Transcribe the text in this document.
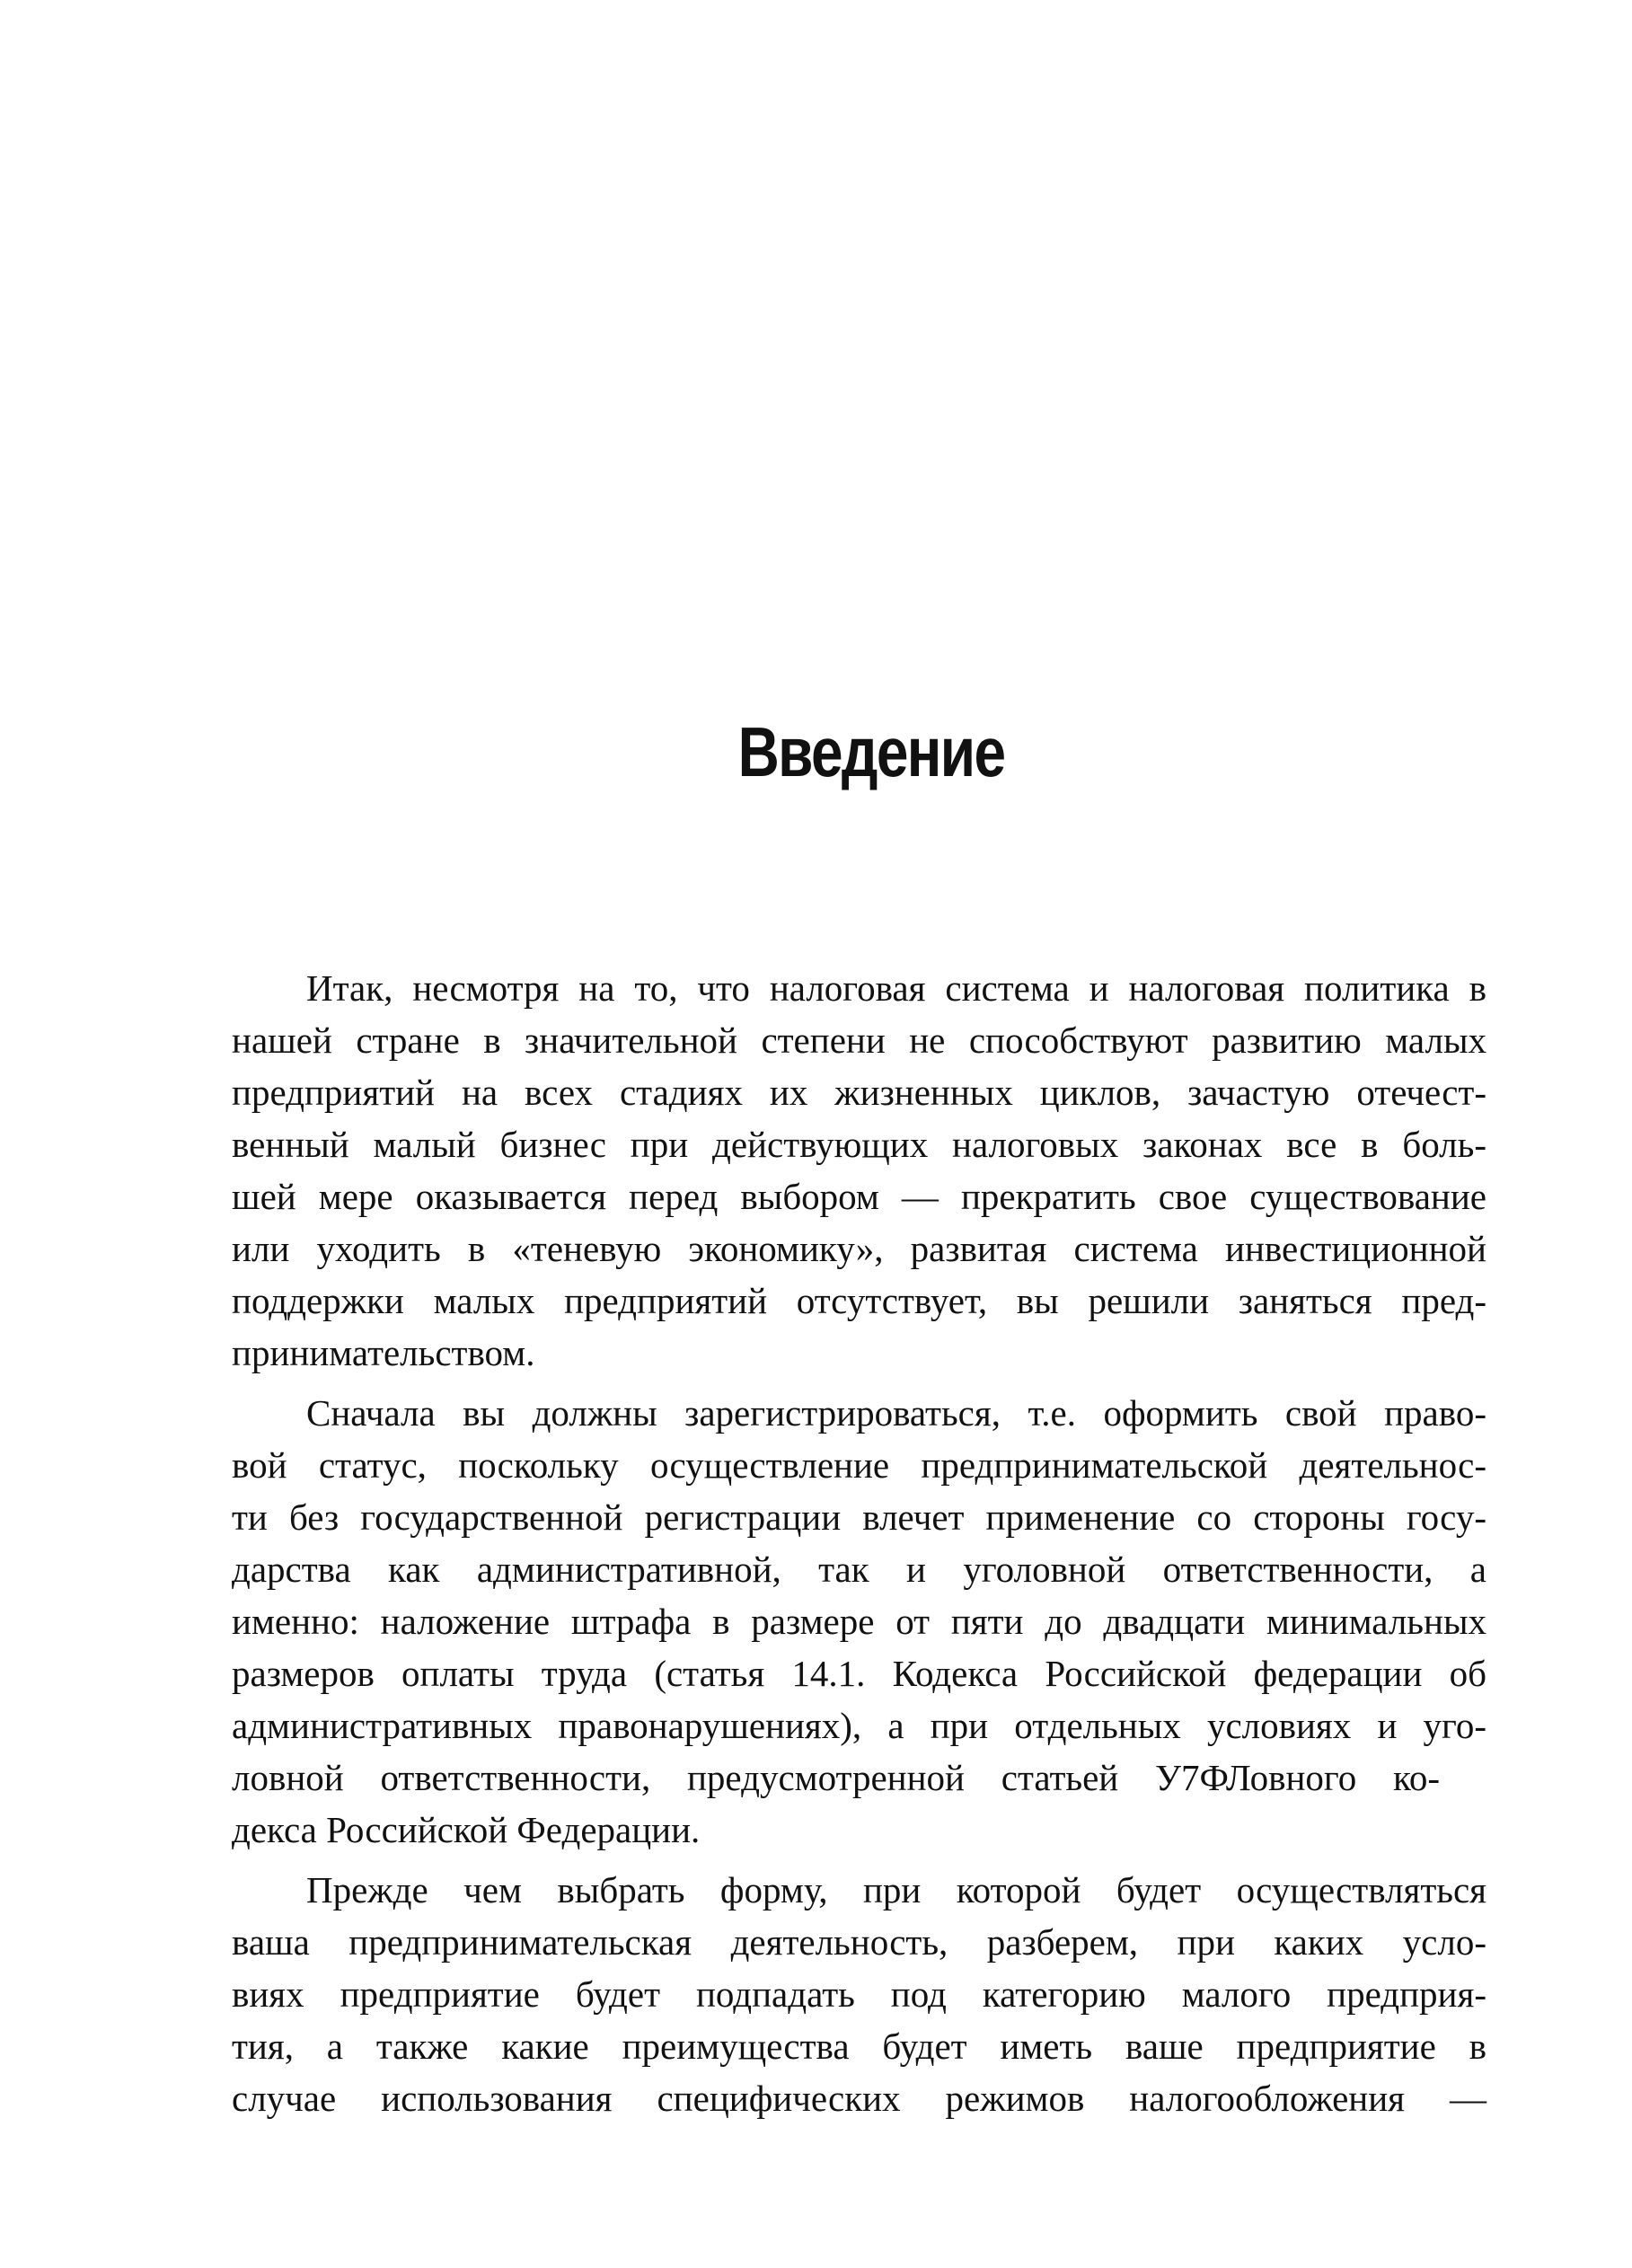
Введение

Итак, несмотря на то, что налоговая система и налоговая политика в
нашей стране в значительной степени не способствуют развитию малых
предприятий на всех стадиях их жизненных циклов, зачастую отечест-
венный малый бизнес при действующих налоговых законах все в боль-
шей мере оказывается перед выбором — прекратить свое существование
или уходить в «теневую экономику», развитая система инвестиционной
поддержки малых предприятий отсутствует, вы решили заняться пред-
принимательством.

Сначала вы должны зарегистрироваться, т.е. оформить свой право-
вой статус, поскольку осуществление предпринимательской деятельнос-
ти без государственной регистрации влечет применение со стороны госу-
дарства как административной, так и уголовной ответственности, а
именно: наложение штрафа в размере от пяти до двадцати минимальных
размеров оплаты труда (статья 14.1. Кодекса Российской федерации об
административных правонарушениях), а при отдельных условиях и уго-
ловной ответственности, предусмотренной статьей У7ФЛовного ко-
декса Российской Федерации.

Прежде чем выбрать форму, при которой будет осуществляться
ваша предпринимательская деятельность, разберем, при каких усло-
виях предприятие будет подпадать под категорию малого предприя-
тия, а также какие преимущества будет иметь ваше предприятие в
случае использования специфических режимов налогообложения —
